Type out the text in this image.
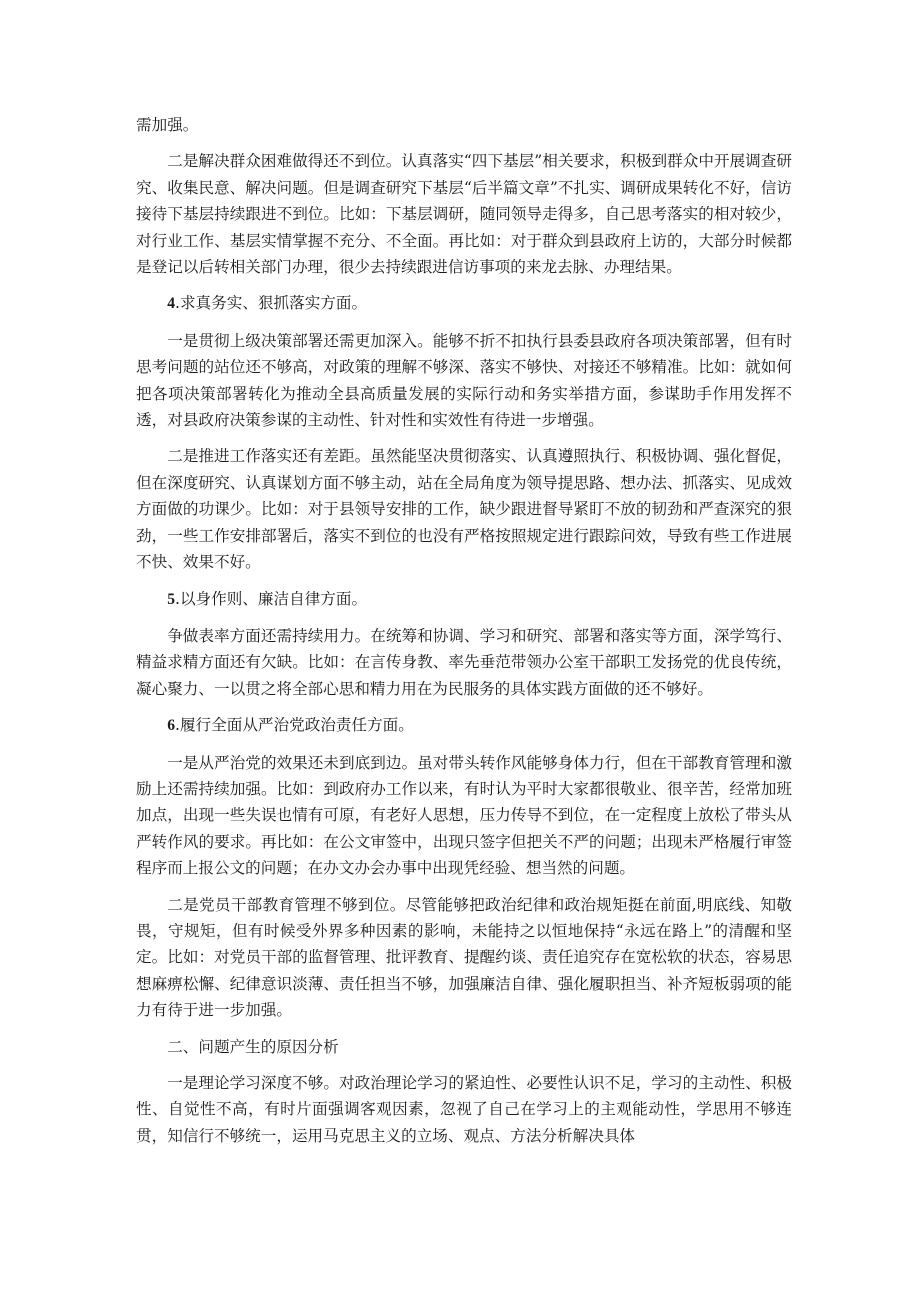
需加强。

二是解决群众困难做得还不到位。认真落实“四下基层”相关要求，积极到群众中开展调查研究、收集民意、解决问题。但是调查研究下基层“后半篇文章”不扎实、调研成果转化不好，信访接待下基层持续跟进不到位。比如：下基层调研，随同领导走得多，自己思考落实的相对较少，对行业工作、基层实情掌握不充分、不全面。再比如：对于群众到县政府上访的，大部分时候都是登记以后转相关部门办理，很少去持续跟进信访事项的来龙去脉、办理结果。

4.求真务实、狠抓落实方面。

一是贯彻上级决策部署还需更加深入。能够不折不扣执行县委县政府各项决策部署，但有时思考问题的站位还不够高，对政策的理解不够深、落实不够快、对接还不够精准。比如：就如何把各项决策部署转化为推动全县高质量发展的实际行动和务实举措方面，参谋助手作用发挥不透，对县政府决策参谋的主动性、针对性和实效性有待进一步增强。

二是推进工作落实还有差距。虽然能坚决贯彻落实、认真遵照执行、积极协调、强化督促，但在深度研究、认真谋划方面不够主动，站在全局角度为领导提思路、想办法、抓落实、见成效方面做的功课少。比如：对于县领导安排的工作，缺少跟进督导紧盯不放的韧劲和严查深究的狠劲，一些工作安排部署后，落实不到位的也没有严格按照规定进行跟踪问效，导致有些工作进展不快、效果不好。

5.以身作则、廉洁自律方面。

争做表率方面还需持续用力。在统筹和协调、学习和研究、部署和落实等方面，深学笃行、精益求精方面还有欠缺。比如：在言传身教、率先垂范带领办公室干部职工发扬党的优良传统，凝心聚力、一以贯之将全部心思和精力用在为民服务的具体实践方面做的还不够好。

6.履行全面从严治党政治责任方面。

一是从严治党的效果还未到底到边。虽对带头转作风能够身体力行，但在干部教育管理和激励上还需持续加强。比如：到政府办工作以来，有时认为平时大家都很敬业、很辛苦，经常加班加点，出现一些失误也情有可原，有老好人思想，压力传导不到位，在一定程度上放松了带头从严转作风的要求。再比如：在公文审签中，出现只签字但把关不严的问题；出现未严格履行审签程序而上报公文的问题；在办文办会办事中出现凭经验、想当然的问题。

二是党员干部教育管理不够到位。尽管能够把政治纪律和政治规矩挺在前面,明底线、知敬畏，守规矩，但有时候受外界多种因素的影响，未能持之以恒地保持“永远在路上”的清醒和坚定。比如：对党员干部的监督管理、批评教育、提醒约谈、责任追究存在宽松软的状态，容易思想麻痹松懈、纪律意识淡薄、责任担当不够，加强廉洁自律、强化履职担当、补齐短板弱项的能力有待于进一步加强。

二、问题产生的原因分析

一是理论学习深度不够。对政治理论学习的紧迫性、必要性认识不足，学习的主动性、积极性、自觉性不高，有时片面强调客观因素，忽视了自己在学习上的主观能动性，学思用不够连贯，知信行不够统一，运用马克思主义的立场、观点、方法分析解决具体
